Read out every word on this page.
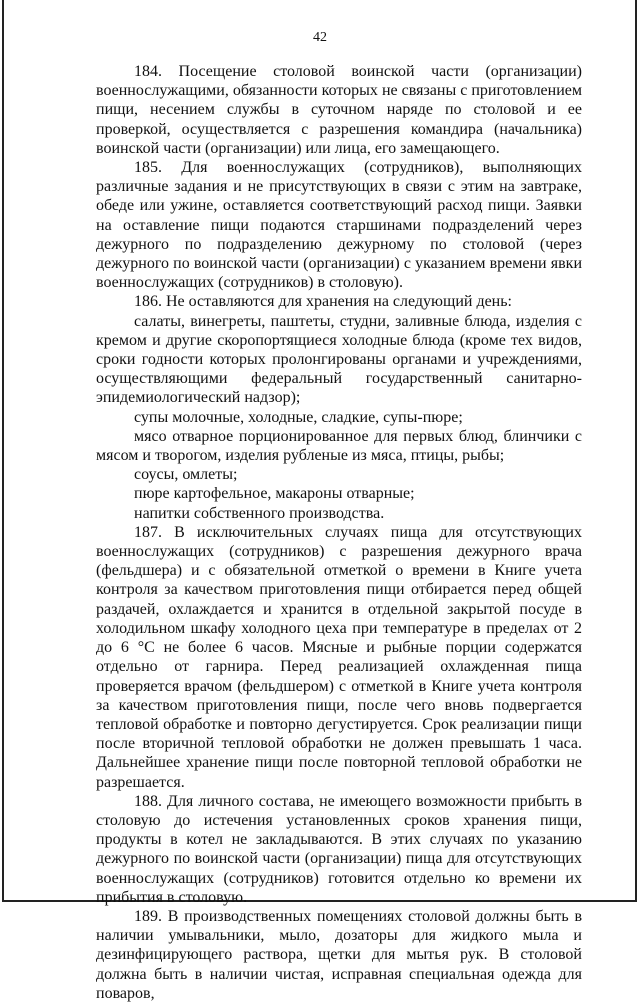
42

184. Посещение столовой воинской части (организации) военнослужащими, обязанности которых не связаны с приготовлением пищи, несением службы в суточном наряде по столовой и ее проверкой, осуществляется с разрешения командира (начальника) воинской части (организации) или лица, его замещающего.

185. Для военнослужащих (сотрудников), выполняющих различные задания и не присутствующих в связи с этим на завтраке, обеде или ужине, оставляется соответствующий расход пищи. Заявки на оставление пищи подаются старшинами подразделений через дежурного по подразделению дежурному по столовой (через дежурного по воинской части (организации) с указанием времени явки военнослужащих (сотрудников) в столовую).

186. Не оставляются для хранения на следующий день:

салаты, винегреты, паштеты, студни, заливные блюда, изделия с кремом и другие скоропортящиеся холодные блюда (кроме тех видов, сроки годности которых пролонгированы органами и учреждениями, осуществляющими федеральный государственный санитарно-эпидемиологический надзор);

супы молочные, холодные, сладкие, супы-пюре;

мясо отварное порционированное для первых блюд, блинчики с мясом и творогом, изделия рубленые из мяса, птицы, рыбы;

соусы, омлеты;

пюре картофельное, макароны отварные;

напитки собственного производства.

187. В исключительных случаях пища для отсутствующих военнослужащих (сотрудников) с разрешения дежурного врача (фельдшера) и с обязательной отметкой о времени в Книге учета контроля за качеством приготовления пищи отбирается перед общей раздачей, охлаждается и хранится в отдельной закрытой посуде в холодильном шкафу холодного цеха при температуре в пределах от 2 до 6 °С не более 6 часов. Мясные и рыбные порции содержатся отдельно от гарнира. Перед реализацией охлажденная пища проверяется врачом (фельдшером) с отметкой в Книге учета контроля за качеством приготовления пищи, после чего вновь подвергается тепловой обработке и повторно дегустируется. Срок реализации пищи после вторичной тепловой обработки не должен превышать 1 часа. Дальнейшее хранение пищи после повторной тепловой обработки не разрешается.

188. Для личного состава, не имеющего возможности прибыть в столовую до истечения установленных сроков хранения пищи, продукты в котел не закладываются. В этих случаях по указанию дежурного по воинской части (организации) пища для отсутствующих военнослужащих (сотрудников) готовится отдельно ко времени их прибытия в столовую.

189. В производственных помещениях столовой должны быть в наличии умывальники, мыло, дозаторы для жидкого мыла и дезинфицирующего раствора, щетки для мытья рук. В столовой должна быть в наличии чистая, исправная специальная одежда для поваров,
